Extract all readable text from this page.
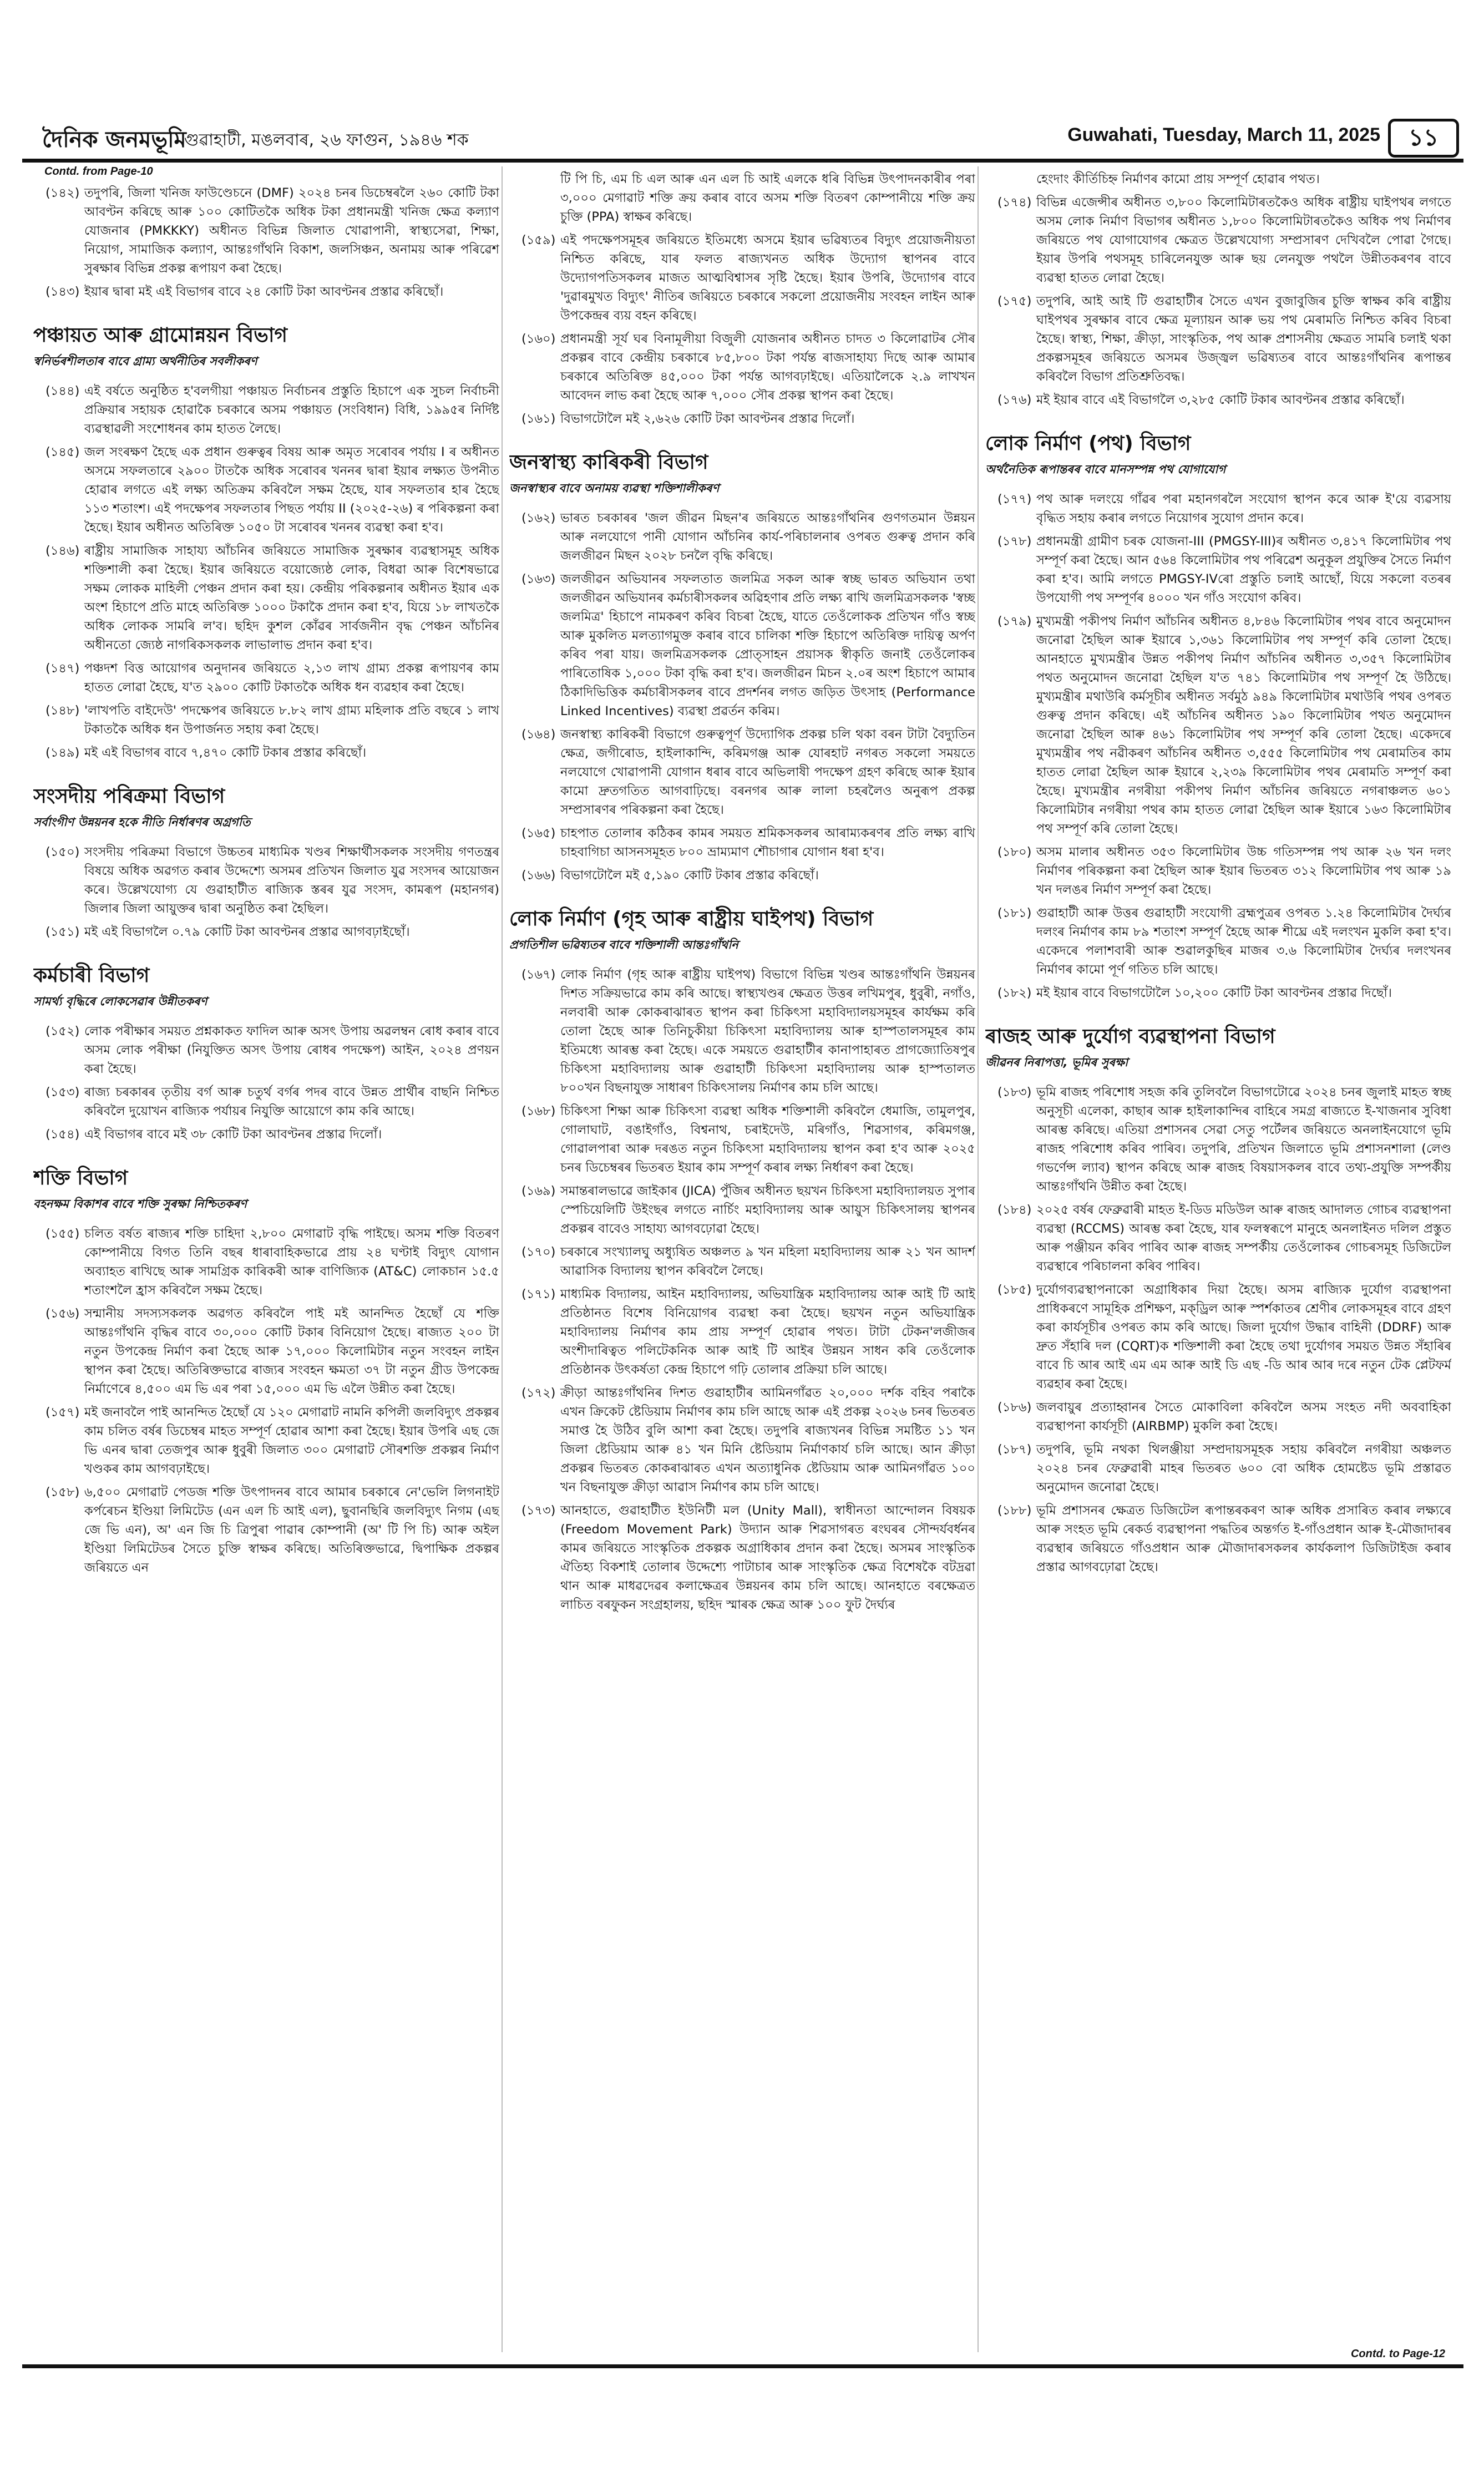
দৈনিক জনমভূমি
গুৱাহাটী, মঙলবাৰ, ২৬ ফাগুন, ১৯৪৬ শক	Guwahati, Tuesday, March 11, 2025	১১
Contd. from Page-10
(১৪২) তদুপৰি, জিলা খনিজ ফাউণ্ডেচনে (DMF) ২০২৪ চনৰ ডিচেম্বৰলৈ ২৬০ কোটি টকা আবণ্টন কৰিছে আৰু ১০০ কোটিতকৈ অধিক টকা প্ৰধানমন্ত্ৰী খনিজ ক্ষেত্ৰ কল্যাণ যোজনাৰ (PMKKKY) অধীনত বিভিন্ন জিলাত খোৱাপানী, স্বাস্থ্যসেৱা, শিক্ষা, নিয়োগ, সামাজিক কল্যাণ, আন্তঃগাঁথনি বিকাশ, জলসিঞ্চন, অনাময় আৰু পৰিৱেশ সুৰক্ষাৰ বিভিন্ন প্ৰকল্প ৰূপায়ণ কৰা হৈছে।
(১৪৩) ইয়াৰ দ্বাৰা মই এই বিভাগৰ বাবে ২৪ কোটি টকা আবণ্টনৰ প্ৰস্তাৱ কৰিছোঁ।
পঞ্চায়ত আৰু গ্ৰামোন্নয়ন বিভাগ
স্বনিৰ্ভৰশীলতাৰ বাবে গ্ৰাম্য অৰ্থনীতিৰ সবলীকৰণ
(১৪৪) এই বৰ্ষতে অনুষ্ঠিত হ'বলগীয়া পঞ্চায়ত নিৰ্বাচনৰ প্ৰস্তুতি হিচাপে এক সুচল নিৰ্বাচনী প্ৰক্ৰিয়াৰ সহায়ক হোৱাকৈ চৰকাৰে অসম পঞ্চায়ত (সংবিধান) বিধি, ১৯৯৫ৰ নিৰ্দিষ্ট ব্যৱস্থাৱলী সংশোধনৰ কাম হাতত লৈছে।
(১৪৫) জল সংৰক্ষণ হৈছে এক প্ৰধান গুৰুত্বৰ বিষয় আৰু অমৃত সৰোবৰ পৰ্যায় I ৰ অধীনত অসমে সফলতাৰে ২৯০০ টাতকৈ অধিক সৰোবৰ খননৰ দ্বাৰা ইয়াৰ লক্ষ্যত উপনীত হোৱাৰ লগতে এই লক্ষ্য অতিক্ৰম কৰিবলৈ সক্ষম হৈছে, যাৰ সফলতাৰ হাৰ হৈছে ১১৩ শতাংশ। এই পদক্ষেপৰ সফলতাৰ পিছত পৰ্যায় II (২০২৫-২৬) ৰ পৰিকল্পনা কৰা হৈছে। ইয়াৰ অধীনত অতিৰিক্ত ১০৫০ টা সৰোবৰ খননৰ ব্যৱস্থা কৰা হ'ব।
(১৪৬) ৰাষ্ট্ৰীয় সামাজিক সাহায্য আঁচনিৰ জৰিয়তে সামাজিক সুৰক্ষাৰ ব্যৱস্থাসমূহ অধিক শক্তিশালী কৰা হৈছে। ইয়াৰ জৰিয়তে বয়োজ্যেষ্ঠ লোক, বিধৱা আৰু বিশেষভাৱে সক্ষম লোকক মাহিলী পেঞ্চন প্ৰদান কৰা হয়। কেন্দ্ৰীয় পৰিকল্পনাৰ অধীনত ইয়াৰ এক অংশ হিচাপে প্ৰতি মাহে অতিৰিক্ত ১০০০ টকাকৈ প্ৰদান কৰা হ'ব, যিয়ে ১৮ লাখতকৈ অধিক লোকক সামৰি ল'ব। ছহিদ কুশল কোঁৱৰ সাৰ্বজনীন বৃদ্ধ পেঞ্চন আঁচনিৰ অধীনতো জ্যেষ্ঠ নাগৰিকসকলক লাভালাভ প্ৰদান কৰা হ'ব।
(১৪৭) পঞ্চদশ বিত্ত আয়োগৰ অনুদানৰ জৰিয়তে ২,১৩ লাখ গ্ৰাম্য প্ৰকল্প ৰূপায়ণৰ কাম হাতত লোৱা হৈছে, য'ত ২৯০০ কোটি টকাতকৈ অধিক ধন ব্যৱহাৰ কৰা হৈছে।
(১৪৮) 'লাখপতি বাইদেউ' পদক্ষেপৰ জৰিয়তে ৮.৮২ লাখ গ্ৰাম্য মহিলাক প্ৰতি বছৰে ১ লাখ টকাতকৈ অধিক ধন উপাৰ্জনত সহায় কৰা হৈছে।
(১৪৯) মই এই বিভাগৰ বাবে ৭,৪৭০ কোটি টকাৰ প্ৰস্তাৱ কৰিছোঁ।
সংসদীয় পৰিক্ৰমা বিভাগ
সৰ্বাংগীণ উন্নয়নৰ হকে নীতি নিৰ্ধাৰণৰ অগ্ৰগতি
(১৫০) সংসদীয় পৰিক্ৰমা বিভাগে উচ্চতৰ মাধ্যমিক খণ্ডৰ শিক্ষাৰ্থীসকলক সংসদীয় গণতন্ত্ৰৰ বিষয়ে অধিক অৱগত কৰাৰ উদ্দেশ্যে অসমৰ প্ৰতিখন জিলাত যুৱ সংসদৰ আয়োজন কৰে। উল্লেখযোগ্য যে গুৱাহাটীত ৰাজ্যিক স্তৰৰ যুৱ সংসদ, কামৰূপ (মহানগৰ) জিলাৰ জিলা আয়ুক্তৰ দ্বাৰা অনুষ্ঠিত কৰা হৈছিল।
(১৫১) মই এই বিভাগলৈ ০.৭৯ কোটি টকা আবণ্টনৰ প্ৰস্তাৱ আগবঢ়াইছোঁ।
কৰ্মচাৰী বিভাগ
সামৰ্থ্য বৃদ্ধিৰে লোকসেৱাৰ উন্নীতকৰণ
(১৫২) লোক পৰীক্ষাৰ সময়ত প্ৰশ্নকাকত ফাদিল আৰু অসৎ উপায় অৱলম্বন ৰোধ কৰাৰ বাবে অসম লোক পৰীক্ষা (নিযুক্তিত অসৎ উপায় ৰোধৰ পদক্ষেপ) আইন, ২০২৪ প্ৰণয়ন কৰা হৈছে।
(১৫৩) ৰাজ্য চৰকাৰৰ তৃতীয় বৰ্গ আৰু চতুৰ্থ বৰ্গৰ পদৰ বাবে উন্নত প্ৰাৰ্থীৰ বাছনি নিশ্চিত কৰিবলৈ দুয়োখন ৰাজ্যিক পৰ্যায়ৰ নিযুক্তি আয়োগে কাম কৰি আছে।
(১৫৪) এই বিভাগৰ বাবে মই ৩৮ কোটি টকা আবণ্টনৰ প্ৰস্তাৱ দিলোঁ।
শক্তি বিভাগ
বহনক্ষম বিকাশৰ বাবে শক্তি সুৰক্ষা নিশ্চিতকৰণ
(১৫৫) চলিত বৰ্ষত ৰাজ্যৰ শক্তি চাহিদা ২,৮০০ মেগাৱাট বৃদ্ধি পাইছে। অসম শক্তি বিতৰণ কোম্পানীয়ে বিগত তিনি বছৰ ধাৰাবাহিকভাৱে প্ৰায় ২৪ ঘণ্টাই বিদ্যুৎ যোগান অব্যাহত ৰাখিছে আৰু সামগ্ৰিক কাৰিকৰী আৰু বাণিজ্যিক (AT&C) লোকচান ১৫.৫ শতাংশলৈ হ্ৰাস কৰিবলৈ সক্ষম হৈছে।
(১৫৬) সন্মানীয় সদস্যসকলক অৱগত কৰিবলৈ পাই মই আনন্দিত হৈছোঁ যে শক্তি আন্তঃগাঁথনি বৃদ্ধিৰ বাবে ৩০,০০০ কোটি টকাৰ বিনিয়োগ হৈছে। ৰাজ্যত ২০০ টা নতুন উপকেন্দ্ৰ নিৰ্মাণ কৰা হৈছে আৰু ১৭,০০০ কিলোমিটাৰ নতুন সংবহন লাইন স্থাপন কৰা হৈছে। অতিৰিক্তভাৱে ৰাজ্যৰ সংবহন ক্ষমতা ৩৭ টা নতুন গ্ৰীড উপকেন্দ্ৰ নিৰ্মাণেৰে ৪,৫০০ এম ভি এৰ পৰা ১৫,০০০ এম ভি এলৈ উন্নীত কৰা হৈছে।
(১৫৭) মই জনাবলৈ পাই আনন্দিত হৈছোঁ যে ১২০ মেগাৱাট নামনি কপিলী জলবিদ্যুৎ প্ৰকল্পৰ কাম চলিত বৰ্ষৰ ডিচেম্বৰ মাহত সম্পূৰ্ণ হোৱাৰ আশা কৰা হৈছে। ইয়াৰ উপৰি এছ জে ভি এনৰ দ্বাৰা তেজপুৰ আৰু ধুবুৰী জিলাত ৩০০ মেগাৱাট সৌৰশক্তি প্ৰকল্পৰ নিৰ্মাণ খণ্ডকৰ কাম আগবঢ়াইছে।
(১৫৮) ৬,৫০০ মেগাৱাট পেডজ শক্তি উৎপাদনৰ বাবে আমাৰ চৰকাৰে নে'ভেলি লিগনাইট কৰ্পৰেচন ইণ্ডিয়া লিমিটেড (এন এল চি আই এল), ছুবানছিৰি জলবিদ্যুৎ নিগম (এছ জে ভি এন), অ' এন জি চি ত্ৰিপুৰা পাৱাৰ কোম্পানী (অ' টি পি চি) আৰু অইল ইণ্ডিয়া লিমিটেডৰ সৈতে চুক্তি স্বাক্ষৰ কৰিছে। অতিৰিক্তভাৱে, দ্বিপাক্ষিক প্ৰকল্পৰ জৰিয়তে এন
টি পি চি, এম চি এল আৰু এন এল চি আই এলকে ধৰি বিভিন্ন উৎপাদনকাৰীৰ পৰা ৩,০০০ মেগাৱাট শক্তি ক্ৰয় কৰাৰ বাবে অসম শক্তি বিতৰণ কোম্পানীয়ে শক্তি ক্ৰয় চুক্তি (PPA) স্বাক্ষৰ কৰিছে।
(১৫৯) এই পদক্ষেপসমূহৰ জৰিয়তে ইতিমধ্যে অসমে ইয়াৰ ভৱিষ্যতৰ বিদ্যুৎ প্ৰয়োজনীয়তা নিশ্চিত কৰিছে, যাৰ ফলত ৰাজ্যখনত অধিক উদ্যোগ স্থাপনৰ বাবে উদ্যোগপতিসকলৰ মাজত আত্মবিশ্বাসৰ সৃষ্টি হৈছে। ইয়াৰ উপৰি, উদ্যোগৰ বাবে 'দুৱাৰমুখত বিদ্যুৎ' নীতিৰ জৰিয়তে চৰকাৰে সকলো প্ৰয়োজনীয় সংবহন লাইন আৰু উপকেন্দ্ৰৰ ব্যয় বহন কৰিছে।
(১৬০) প্ৰধানমন্ত্ৰী সূৰ্য ঘৰ বিনামূলীয়া বিজুলী যোজনাৰ অধীনত চাদত ৩ কিলোৱাটৰ সৌৰ প্ৰকল্পৰ বাবে কেন্দ্ৰীয় চৰকাৰে ৮৫,৮০০ টকা পৰ্যন্ত ৰাজসাহায্য দিছে আৰু আমাৰ চৰকাৰে অতিৰিক্ত ৪৫,০০০ টকা পৰ্যন্ত আগবঢ়াইছে। এতিয়ালৈকে ২.৯ লাখখন আবেদন লাভ কৰা হৈছে আৰু ৭,০০০ সৌৰ প্ৰকল্প স্থাপন কৰা হৈছে।
(১৬১) বিভাগটোলৈ মই ২,৬২৬ কোটি টকা আবণ্টনৰ প্ৰস্তাৱ দিলোঁ।
জনস্বাস্থ্য কাৰিকৰী বিভাগ
জনস্বাস্থ্যৰ বাবে অনাময় ব্যৱস্থা শক্তিশালীকৰণ
(১৬২) ভাৰত চৰকাৰৰ 'জল জীৱন মিছন'ৰ জৰিয়তে আন্তঃগাঁথনিৰ গুণগতমান উন্নয়ন আৰু নলযোগে পানী যোগান আঁচনিৰ কাৰ্য-পৰিচালনাৰ ওপৰত গুৰুত্ব প্ৰদান কৰি জলজীৱন মিছন ২০২৮ চনলৈ বৃদ্ধি কৰিছে।
(১৬৩) জলজীৱন অভিযানৰ সফলতাত জলমিত্ৰ সকল আৰু স্বচ্ছ ভাৰত অভিযান তথা জলজীৱন অভিযানৰ কৰ্মচাৰীসকলৰ অৱিহণাৰ প্ৰতি লক্ষ্য ৰাখি জলমিত্ৰসকলক 'স্বচ্ছ জলমিত্ৰ' হিচাপে নামকৰণ কৰিব বিচৰা হৈছে, যাতে তেওঁলোকক প্ৰতিখন গাঁও স্বচ্ছ আৰু মুকলিত মলত্যাগমুক্ত কৰাৰ বাবে চালিকা শক্তি হিচাপে অতিৰিক্ত দায়িত্ব অৰ্পণ কৰিব পৰা যায়। জলমিত্ৰসকলক প্ৰোত্সাহন প্ৰয়াসক স্বীকৃতি জনাই তেওঁলোকৰ পাৰিতোষিক ১,০০০ টকা বৃদ্ধি কৰা হ'ব। জলজীৱন মিচন ২.০ৰ অংশ হিচাপে আমাৰ ঠিকাদিভিত্তিক কৰ্মচাৰীসকলৰ বাবে প্ৰদৰ্শনৰ লগত জড়িত উৎসাহ (Performance Linked Incentives) ব্যৱস্থা প্ৰৱৰ্তন কৰিম।
(১৬৪) জনস্বাস্থ্য কাৰিকৰী বিভাগে গুৰুত্বপূৰ্ণ উদ্যোগিক প্ৰকল্প চলি থকা বৰন টাটা বৈদ্যুতিন ক্ষেত্ৰ, জগীৰোড, হাইলাকান্দি, কৰিমগঞ্জ আৰু যোৰহাট নগৰত সকলো সময়তে নলযোগে খোৱাপানী যোগান ধৰাৰ বাবে অভিলাষী পদক্ষেপ গ্ৰহণ কৰিছে আৰু ইয়াৰ কামো দ্ৰুতগতিত আগবাঢ়িছে। বৰনগৰ আৰু লালা চহৰলৈও অনুৰূপ প্ৰকল্প সম্প্ৰসাৰণৰ পৰিকল্পনা কৰা হৈছে।
(১৬৫) চাহপাত তোলাৰ কঠিকৰ কামৰ সময়ত শ্ৰমিকসকলৰ আৰাম্যকৰণৰ প্ৰতি লক্ষ্য ৰাখি চাহবাগিচা আসনসমূহত ৮০০ ভ্ৰাম্যমাণ শৌচাগাৰ যোগান ধৰা হ'ব।
(১৬৬) বিভাগটোলৈ মই ৫,১৯০ কোটি টকাৰ প্ৰস্তাৱ কৰিছোঁ।
লোক নিৰ্মাণ (গৃহ আৰু ৰাষ্ট্ৰীয় ঘাইপথ) বিভাগ
প্ৰগতিশীল ভৱিষ্যতৰ বাবে শক্তিশালী আন্তঃগাঁথনি
(১৬৭) লোক নিৰ্মাণ (গৃহ আৰু ৰাষ্ট্ৰীয় ঘাইপথ) বিভাগে বিভিন্ন খণ্ডৰ আন্তঃগাঁথনি উন্নয়নৰ দিশত সক্ৰিয়ভাৱে কাম কৰি আছে। স্বাস্থ্যখণ্ডৰ ক্ষেত্ৰত উত্তৰ লখিমপুৰ, ধুবুৰী, নগাঁও, নলবাৰী আৰু কোকৰাঝাৰত স্থাপন কৰা চিকিৎসা মহাবিদ্যালয়সমূহৰ কাৰ্যক্ষম কৰি তোলা হৈছে আৰু তিনিচুকীয়া চিকিৎসা মহাবিদ্যালয় আৰু হাস্পতালসমূহৰ কাম ইতিমধ্যে আৰম্ভ কৰা হৈছে। একে সময়তে গুৱাহাটীৰ কানাপাহাৰত প্ৰাগজ্যোতিষপুৰ চিকিৎসা মহাবিদ্যালয় আৰু গুৱাহাটী চিকিৎসা মহাবিদ্যালয় আৰু হাস্পতালত ৮০০খন বিছনাযুক্ত সাধাৰণ চিকিৎসালয় নিৰ্মাণৰ কাম চলি আছে।
(১৬৮) চিকিৎসা শিক্ষা আৰু চিকিৎসা ব্যৱস্থা অধিক শক্তিশালী কৰিবলৈ ধেমাজি, তামুলপুৰ, গোলাঘাট, বঙাইগাঁও, বিশ্বনাথ, চৰাইদেউ, মৰিগাঁও, শিৱসাগৰ, কৰিমগঞ্জ, গোৱালপাৰা আৰু দৰঙত নতুন চিকিৎসা মহাবিদ্যালয় স্থাপন কৰা হ'ব আৰু ২০২৫ চনৰ ডিচেম্বৰৰ ভিতৰত ইয়াৰ কাম সম্পূৰ্ণ কৰাৰ লক্ষ্য নিৰ্ধাৰণ কৰা হৈছে।
(১৬৯) সমান্তৰালভাৱে জাইকাৰ (JICA) পুঁজিৰ অধীনত ছয়খন চিকিৎসা মহাবিদ্যালয়ত সুপাৰ স্পেচিয়েলিটি উইংছৰ লগতে নাৰ্চিং মহাবিদ্যালয় আৰু আয়ুস চিকিৎসালয় স্থাপনৰ প্ৰকল্পৰ বাবেও সাহায্য আগবঢ়োৱা হৈছে।
(১৭০) চৰকাৰে সংখ্যালঘু অধ্যুষিত অঞ্চলত ৯ খন মহিলা মহাবিদ্যালয় আৰু ২১ খন আদৰ্শ আৱাসিক বিদ্যালয় স্থাপন কৰিবলৈ লৈছে।
(১৭১) মাধ্যমিক বিদ্যালয়, আইন মহাবিদ্যালয়, অভিযান্ত্ৰিক মহাবিদ্যালয় আৰু আই টি আই প্ৰতিষ্ঠানত বিশেষ বিনিয়োগৰ ব্যৱস্থা কৰা হৈছে। ছয়খন নতুন অভিযান্ত্ৰিক মহাবিদ্যালয় নিৰ্মাণৰ কাম প্ৰায় সম্পূৰ্ণ হোৱাৰ পথত। টাটা টেকন'লজীজৰ অংশীদাৰিত্বত পলিটেকনিক আৰু আই টি আইৰ উন্নয়ন সাধন কৰি তেওঁলোক প্ৰতিষ্ঠানক উৎকৰ্ষতা কেন্দ্ৰ হিচাপে গঢ়ি তোলাৰ প্ৰক্ৰিয়া চলি আছে।
(১৭২) ক্ৰীড়া আন্তঃগাঁথনিৰ দিশত গুৱাহাটীৰ আমিনগাঁৱত ২০,০০০ দৰ্শক বহিব পৰাকৈ এখন ক্ৰিকেট ষ্টেডিয়াম নিৰ্মাণৰ কাম চলি আছে আৰু এই প্ৰকল্প ২০২৬ চনৰ ভিতৰত সমাপ্ত হৈ উঠিব বুলি আশা কৰা হৈছে। তদুপৰি ৰাজ্যখনৰ বিভিন্ন সমষ্টিত ১১ খন জিলা ষ্টেডিয়াম আৰু ৪১ খন মিনি ষ্টেডিয়াম নিৰ্মাণকাৰ্য চলি আছে। আন ক্ৰীড়া প্ৰকল্পৰ ভিতৰত কোকৰাঝাৰত এখন অত্যাধুনিক ষ্টেডিয়াম আৰু আমিনগাঁৱত ১০০ খন বিছনাযুক্ত ক্ৰীড়া আৱাস নিৰ্মাণৰ কাম চলি আছে।
(১৭৩) আনহাতে, গুৱাহাটীত ইউনিটী মল (Unity Mall), স্বাধীনতা আন্দোলন বিষয়ক (Freedom Movement Park) উদ্যান আৰু শিৱসাগৰত ৰংঘৰৰ সৌন্দৰ্যবৰ্ধনৰ কামৰ জৰিয়তে সাংস্কৃতিক প্ৰকল্পক অগ্ৰাধিকাৰ প্ৰদান কৰা হৈছে। অসমৰ সাংস্কৃতিক ঐতিহ্য বিকশাই তোলাৰ উদ্দেশ্যে পাটাচাৰ আৰু সাংস্কৃতিক ক্ষেত্ৰ বিশেষকৈ বটদ্ৰৱা থান আৰু মাধৱদেৱৰ কলাক্ষেত্ৰৰ উন্নয়নৰ কাম চলি আছে। আনহাতে বৰক্ষেত্ৰত লাচিত বৰফুকন সংগ্ৰহালয়, ছহিদ স্মাৰক ক্ষেত্ৰ আৰু ১০০ ফুট দৈৰ্ঘ্যৰ
হেংদাং কীৰ্তিচিহ্ন নিৰ্মাণৰ কামো প্ৰায় সম্পূৰ্ণ হোৱাৰ পথত।
(১৭৪) বিভিন্ন এজেন্সীৰ অধীনত ৩,৮০০ কিলোমিটাৰতকৈও অধিক ৰাষ্ট্ৰীয় ঘাইপথৰ লগতে অসম লোক নিৰ্মাণ বিভাগৰ অধীনত ১,৮০০ কিলোমিটাৰতকৈও অধিক পথ নিৰ্মাণৰ জৰিয়তে পথ যোগাযোগৰ ক্ষেত্ৰত উল্লেখযোগ্য সম্প্ৰসাৰণ দেখিবলৈ পোৱা গৈছে। ইয়াৰ উপৰি পথসমূহ চাৰিলেনযুক্ত আৰু ছয় লেনযুক্ত পথলৈ উন্নীতকৰণৰ বাবে ব্যৱস্থা হাতত লোৱা হৈছে।
(১৭৫) তদুপৰি, আই আই টি গুৱাহাটীৰ সৈতে এখন বুজাবুজিৰ চুক্তি স্বাক্ষৰ কৰি ৰাষ্ট্ৰীয় ঘাইপথৰ সুৰক্ষাৰ বাবে ক্ষেত্ৰ মূল্যায়ন আৰু ভয় পথ মেৰামতি নিশ্চিত কৰিব বিচৰা হৈছে। স্বাস্থ্য, শিক্ষা, ক্ৰীড়া, সাংস্কৃতিক, পথ আৰু প্ৰশাসনীয় ক্ষেত্ৰত সামৰি চলাই থকা প্ৰকল্পসমূহৰ জৰিয়তে অসমৰ উজ্জ্বল ভৱিষ্যতৰ বাবে আন্তঃগাঁথনিৰ ৰূপান্তৰ কৰিবলৈ বিভাগ প্ৰতিশ্ৰুতিবদ্ধ।
(১৭৬) মই ইয়াৰ বাবে এই বিভাগলৈ ৩,২৮৫ কোটি টকাৰ আবণ্টনৰ প্ৰস্তাৱ কৰিছোঁ।
লোক নিৰ্মাণ (পথ) বিভাগ
অৰ্থনৈতিক ৰূপান্তৰৰ বাবে মানসম্পন্ন পথ যোগাযোগ
(১৭৭) পথ আৰু দলংয়ে গাঁৱৰ পৰা মহানগৰলৈ সংযোগ স্থাপন কৰে আৰু ই'য়ে ব্যৱসায় বৃদ্ধিত সহায় কৰাৰ লগতে নিয়োগৰ সুযোগ প্ৰদান কৰে।
(১৭৮) প্ৰধানমন্ত্ৰী গ্ৰামীণ চৰক যোজনা-III (PMGSY-III)ৰ অধীনত ৩,৪১৭ কিলোমিটাৰ পথ সম্পূৰ্ণ কৰা হৈছে। আন ৫৬৪ কিলোমিটাৰ পথ পৰিৱেশ অনুকূল প্ৰযুক্তিৰ সৈতে নিৰ্মাণ কৰা হ'ব। আমি লগতে PMGSY-IVৰো প্ৰস্তুতি চলাই আছোঁ, যিয়ে সকলো বতৰৰ উপযোগী পথ সম্পূৰ্ণৰ ৪০০০ খন গাঁও সংযোগ কৰিব।
(১৭৯) মুখ্যমন্ত্ৰী পকীপথ নিৰ্মাণ আঁচনিৰ অধীনত ৪,৮৪৬ কিলোমিটাৰ পথৰ বাবে অনুমোদন জনোৱা হৈছিল আৰু ইয়াৰে ১,৩৬১ কিলোমিটাৰ পথ সম্পূৰ্ণ কৰি তোলা হৈছে। আনহাতে মুখ্যমন্ত্ৰীৰ উন্নত পকীপথ নিৰ্মাণ আঁচনিৰ অধীনত ৩,৩৫৭ কিলোমিটাৰ পথত অনুমোদন জনোৱা হৈছিল য'ত ৭৪১ কিলোমিটাৰ পথ সম্পূৰ্ণ হৈ উঠিছে। মুখ্যমন্ত্ৰীৰ মথাউৰি কৰ্মসূচীৰ অধীনত সৰ্বমুঠ ৯৪৯ কিলোমিটাৰ মথাউৰি পথৰ ওপৰত গুৰুত্ব প্ৰদান কৰিছে। এই আঁচনিৰ অধীনত ১৯০ কিলোমিটাৰ পথত অনুমোদন জনোৱা হৈছিল আৰু ৪৬১ কিলোমিটাৰ পথ সম্পূৰ্ণ কৰি তোলা হৈছে। একেদৰে মুখ্যমন্ত্ৰীৰ পথ নৱীকৰণ আঁচনিৰ অধীনত ৩,৫৫৫ কিলোমিটাৰ পথ মেৰামতিৰ কাম হাতত লোৱা হৈছিল আৰু ইয়াৰে ২,২৩৯ কিলোমিটাৰ পথৰ মেৰামতি সম্পূৰ্ণ কৰা হৈছে। মুখ্যমন্ত্ৰীৰ নগৰীয়া পকীপথ নিৰ্মাণ আঁচনিৰ জৰিয়তে নগৰাঞ্চলত ৬০১ কিলোমিটাৰ নগৰীয়া পথৰ কাম হাতত লোৱা হৈছিল আৰু ইয়াৰে ১৬৩ কিলোমিটাৰ পথ সম্পূৰ্ণ কৰি তোলা হৈছে।
(১৮০) অসম মালাৰ অধীনত ৩৫৩ কিলোমিটাৰ উচ্চ গতিসম্পন্ন পথ আৰু ২৬ খন দলং নিৰ্মাণৰ পৰিকল্পনা কৰা হৈছিল আৰু ইয়াৰ ভিতৰত ৩১২ কিলোমিটাৰ পথ আৰু ১৯ খন দলঙৰ নিৰ্মাণ সম্পূৰ্ণ কৰা হৈছে।
(১৮১) গুৱাহাটী আৰু উত্তৰ গুৱাহাটী সংযোগী ব্ৰহ্মপুত্ৰৰ ওপৰত ১.২৪ কিলোমিটাৰ দৈৰ্ঘ্যৰ দলংৰ নিৰ্মাণৰ কাম ৮৯ শতাংশ সম্পূৰ্ণ হৈছে আৰু শীঘ্ৰে এই দলংখন মুকলি কৰা হ'ব। একেদৰে পলাশবাৰী আৰু শুৱালকুছিৰ মাজৰ ৩.৬ কিলোমিটাৰ দৈৰ্ঘ্যৰ দলংখনৰ নিৰ্মাণৰ কামো পূৰ্ণ গতিত চলি আছে।
(১৮২) মই ইয়াৰ বাবে বিভাগটোলৈ ১০,২০০ কোটি টকা আবণ্টনৰ প্ৰস্তাৱ দিছোঁ।
ৰাজহ আৰু দুৰ্যোগ ব্যৱস্থাপনা বিভাগ
জীৱনৰ নিৰাপত্তা, ভূমিৰ সুৰক্ষা
(১৮৩) ভূমি ৰাজহ পৰিশোধ সহজ কৰি তুলিবলৈ বিভাগটোৱে ২০২৪ চনৰ জুলাই মাহত স্বচ্ছ অনুসূচী এলেকা, কাছাৰ আৰু হাইলাকান্দিৰ বাহিৰে সমগ্ৰ ৰাজ্যতে ই-খাজনাৰ সুবিধা আৰম্ভ কৰিছে। এতিয়া প্ৰশাসনৰ সেৱা সেতু পৰ্টেলৰ জৰিয়তে অনলাইনযোগে ভূমি ৰাজহ পৰিশোধ কৰিব পাৰিব। তদুপৰি, প্ৰতিখন জিলাতে ভূমি প্ৰশাসনশালা (লেণ্ড গভৰ্ণেন্স ল্যাব) স্থাপন কৰিছে আৰু ৰাজহ বিষয়াসকলৰ বাবে তথ্য-প্ৰযুক্তি সম্পৰ্কীয় আন্তঃগাঁথনি উন্নীত কৰা হৈছে।
(১৮৪) ২০২৫ বৰ্ষৰ ফেব্ৰুৱাৰী মাহত ই-ডিড মডিউল আৰু ৰাজহ আদালত গোচৰ ব্যৱস্থাপনা ব্যৱস্থা (RCCMS) আৰম্ভ কৰা হৈছে, যাৰ ফলস্বৰূপে মানুহে অনলাইনত দলিল প্ৰস্তুত আৰু পঞ্জীয়ন কৰিব পাৰিব আৰু ৰাজহ সম্পৰ্কীয় তেওঁলোকৰ গোচৰসমূহ ডিজিটেল ব্যৱস্থাৰে পৰিচালনা কৰিব পাৰিব।
(১৮৫) দুৰ্যোগব্যৱস্থাপনাকো অগ্ৰাধিকাৰ দিয়া হৈছে। অসম ৰাজ্যিক দুৰ্যোগ ব্যৱস্থাপনা প্ৰাধিকৰণে সামূহিক প্ৰশিক্ষণ, মক্‌ড্ৰিল আৰু স্পৰ্শকাতৰ শ্ৰেণীৰ লোকসমূহৰ বাবে গ্ৰহণ কৰা কাৰ্যসূচীৰ ওপৰত কাম কৰি আছে। জিলা দুৰ্যোগ উদ্ধাৰ বাহিনী (DDRF) আৰু দ্ৰুত সঁহাৰি দল (CQRT)ক শক্তিশালী কৰা হৈছে তথা দুৰ্যোগৰ সময়ত উন্নত সঁহাৰিৰ বাবে চি আৰ আই এম এম আৰু আই ডি এছ -ডি আৰ আৰ দৰে নতুন টেক প্লেটফৰ্ম ব্যৱহাৰ কৰা হৈছে।
(১৮৬) জলবায়ুৰ প্ৰত্যাহ্বানৰ সৈতে মোকাবিলা কৰিবলৈ অসম সংহত নদী অববাহিকা ব্যৱস্থাপনা কাৰ্যসূচী (AIRBMP) মুকলি কৰা হৈছে।
(১৮৭) তদুপৰি, ভূমি নথকা থিলঞ্জীয়া সম্প্ৰদায়সমূহক সহায় কৰিবলৈ নগৰীয়া অঞ্চলত ২০২৪ চনৰ ফেব্ৰুৱাৰী মাহৰ ভিতৰত ৬০০ বো অধিক হোমষ্টেড ভূমি প্ৰস্তাৱত অনুমোদন জনোৱা হৈছে।
(১৮৮) ভূমি প্ৰশাসনৰ ক্ষেত্ৰত ডিজিটেল ৰূপান্তৰকৰণ আৰু অধিক প্ৰসাৰিত কৰাৰ লক্ষ্যৰে আৰু সংহত ভূমি ৰেকৰ্ড ব্যৱস্থাপনা পদ্ধতিৰ অন্তৰ্গত ই-গাঁওপ্ৰধান আৰু ই-মৌজাদাৰৰ ব্যৱস্থাৰ জৰিয়তে গাঁওপ্ৰধান আৰু মৌজাদাৰসকলৰ কাৰ্যকলাপ ডিজিটাইজ কৰাৰ প্ৰস্তাৱ আগবঢ়োৱা হৈছে।
Contd. to Page-12
